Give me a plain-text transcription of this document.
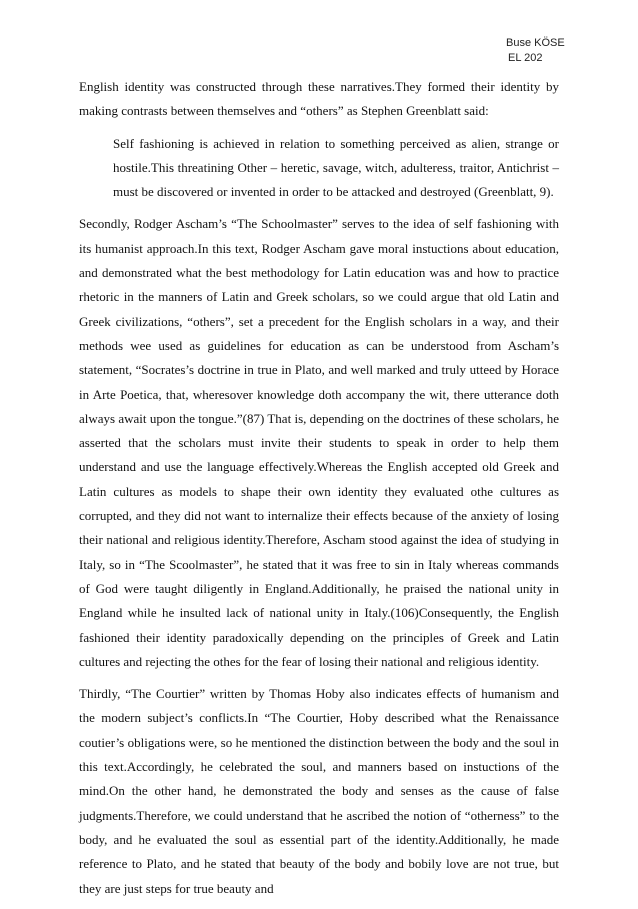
Buse KÖSE
EL 202

English identity was constructed through these narratives.They formed their identity by making contrasts between themselves and “others” as Stephen Greenblatt said:

Self fashioning is achieved in relation to something perceived as alien, strange or hostile.This threatining Other – heretic, savage, witch, adulteress, traitor, Antichrist – must be discovered or invented in order to be attacked and destroyed (Greenblatt, 9).

Secondly, Rodger Ascham’s “The Schoolmaster” serves to the idea of self fashioning with its humanist approach.In this text, Rodger Ascham gave moral instuctions about education, and demonstrated what the best methodology for Latin education was and how to practice rhetoric in the manners of Latin and Greek scholars, so we could argue that old Latin and Greek civilizations, “others”, set a precedent for the English scholars in a way, and their methods wee used as guidelines for education as can be understood from Ascham’s statement, “Socrates’s doctrine in true in Plato, and well marked and truly utteed by Horace in Arte Poetica, that, wheresover knowledge doth accompany the wit, there utterance doth always await upon the tongue.”(87) That is, depending on the doctrines of these scholars, he asserted that the scholars must invite their students to speak in order to help them understand and use the language effectively.Whereas the English accepted old Greek and Latin cultures as models to shape their own identity they evaluated othe cultures as corrupted, and they did not want to internalize their effects because of the anxiety of losing their national and religious identity.Therefore, Ascham stood against the idea of studying in Italy, so in “The Scoolmaster”, he stated that it was free to sin in Italy whereas commands of God were taught diligently in England.Additionally, he praised the national unity in England while he insulted lack of national unity in Italy.(106)Consequently, the English fashioned their identity paradoxically depending on the principles of Greek and Latin cultures and rejecting the othes for the fear of losing their national and religious identity.

Thirdly, “The Courtier” written by Thomas Hoby also indicates effects of humanism and the modern subject’s conflicts.In “The Courtier, Hoby described what the Renaissance coutier’s obligations were, so he mentioned the distinction between the body and the soul in this text.Accordingly, he celebrated the soul, and manners based on instuctions of the mind.On the other hand, he demonstrated the body and senses as the cause of false judgments.Therefore, we could understand that he ascribed the notion of “otherness” to the body, and he evaluated the soul as essential part of the identity.Additionally, he made reference to Plato, and he stated that beauty of the body and bobily love are not true, but they are just steps for true beauty and
